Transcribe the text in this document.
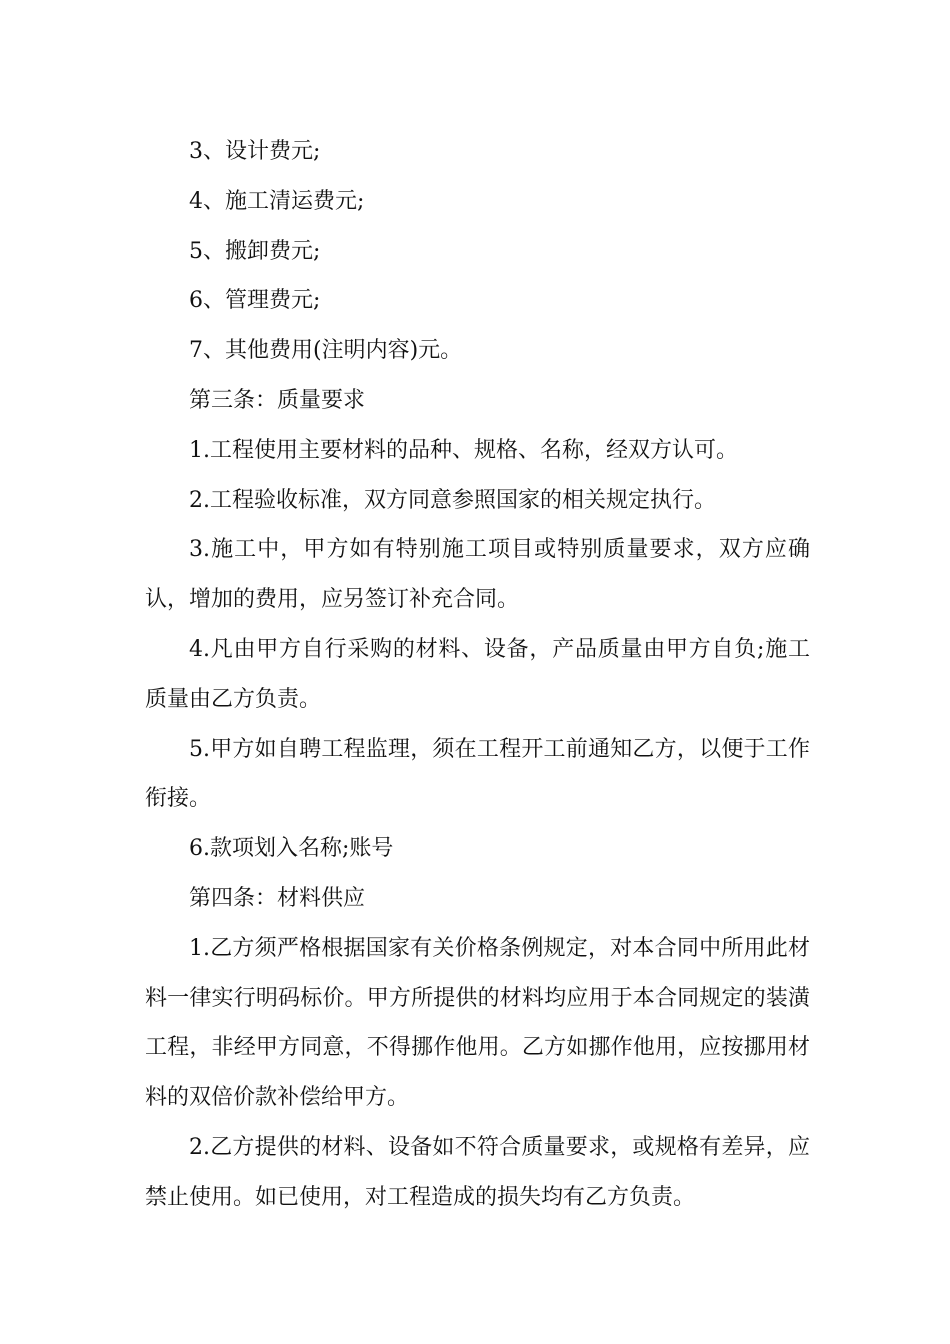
3、设计费元;

4、施工清运费元;

5、搬卸费元;

6、管理费元;

7、其他费用(注明内容)元。

第三条：质量要求

1.工程使用主要材料的品种、规格、名称，经双方认可。

2.工程验收标准，双方同意参照国家的相关规定执行。

3.施工中，甲方如有特别施工项目或特别质量要求，双方应确认，增加的费用，应另签订补充合同。

4.凡由甲方自行采购的材料、设备，产品质量由甲方自负;施工质量由乙方负责。

5.甲方如自聘工程监理，须在工程开工前通知乙方，以便于工作衔接。

6.款项划入名称;账号

第四条：材料供应

1.乙方须严格根据国家有关价格条例规定，对本合同中所用此材料一律实行明码标价。甲方所提供的材料均应用于本合同规定的装潢工程，非经甲方同意，不得挪作他用。乙方如挪作他用，应按挪用材料的双倍价款补偿给甲方。

2.乙方提供的材料、设备如不符合质量要求，或规格有差异，应禁止使用。如已使用，对工程造成的损失均有乙方负责。
